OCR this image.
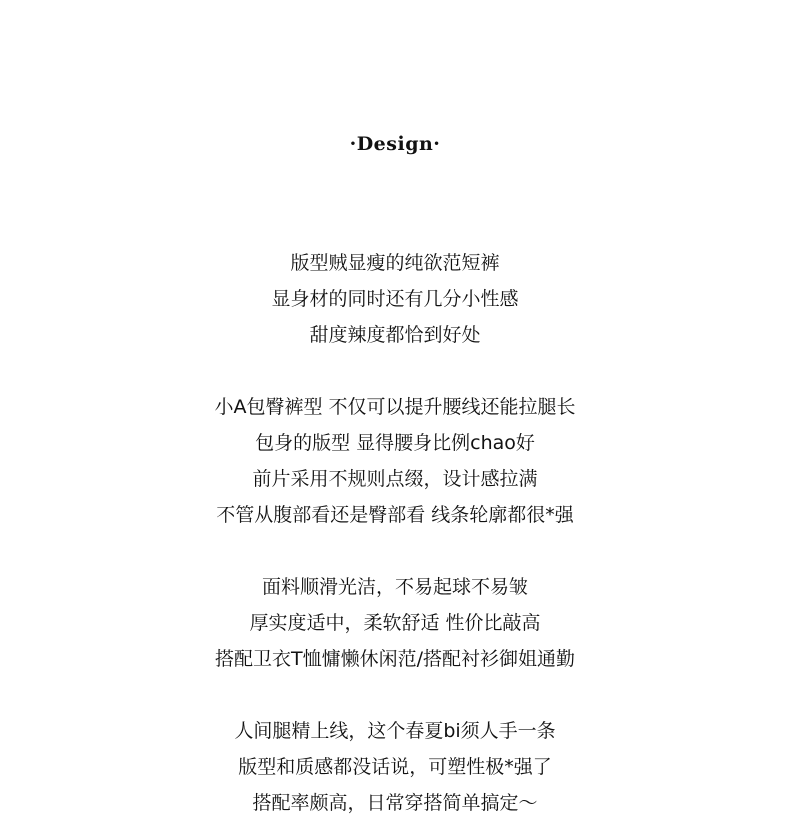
·Design·
版型贼显瘦的纯欲范短裤
显身材的同时还有几分小性感
甜度辣度都恰到好处
小A包臀裤型 不仅可以提升腰线还能拉腿长
包身的版型 显得腰身比例chao好
前片采用不规则点缀，设计感拉满
不管从腹部看还是臀部看 线条轮廓都很*强
面料顺滑光洁，不易起球不易皱
厚实度适中，柔软舒适 性价比敲高
搭配卫衣T恤慵懒休闲范/搭配衬衫御姐通勤
人间腿精上线，这个春夏bi须人手一条
版型和质感都没话说，可塑性极*强了
搭配率颇高，日常穿搭简单搞定～
